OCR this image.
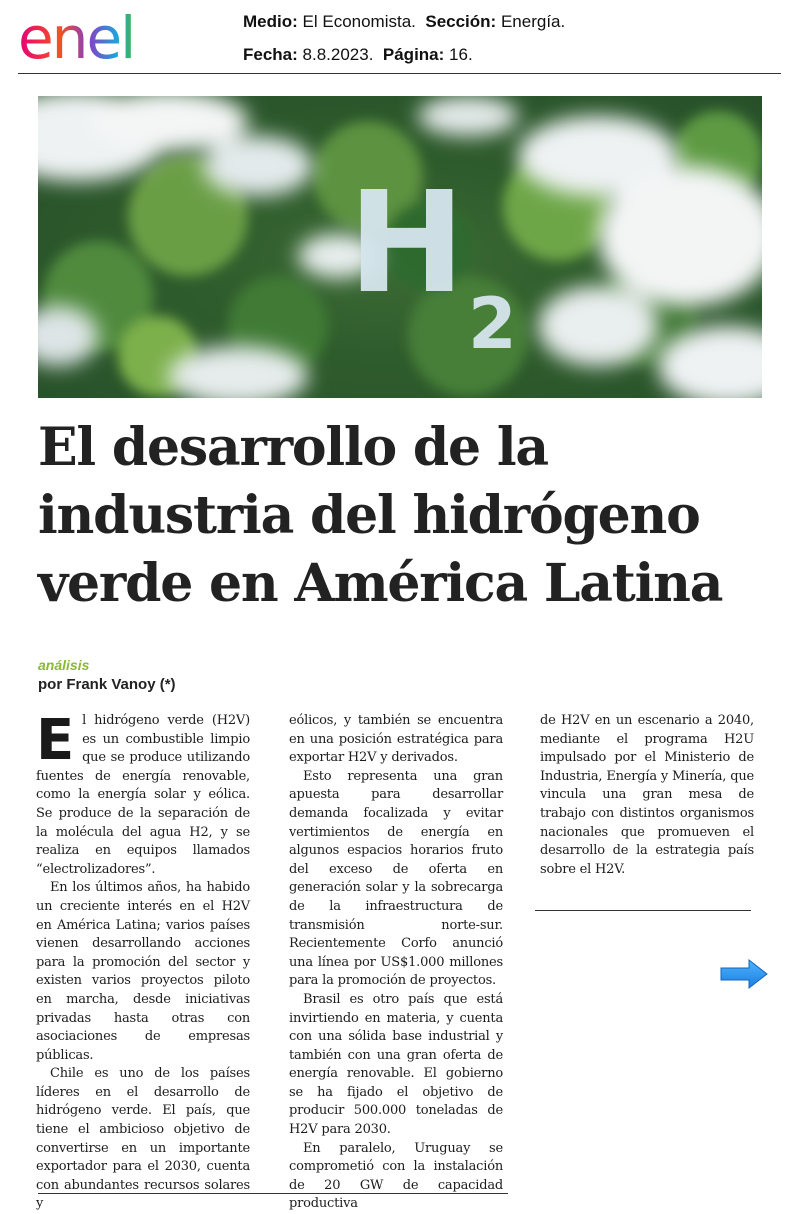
enel	Medio: El Economista. Sección: Energía.
Fecha: 8.8.2023. Página: 16.
H 2
El desarrollo de la
industria del hidrógeno
verde en América Latina

análisis

por Frank Vanoy (*)

El hidrógeno verde (H2V) es un combustible limpio que se produce utilizando fuentes de energía renovable, como la energía solar y eólica. Se produce de la separación de la molécula del agua H2, y se realiza en equipos llamados “electrolizadores”.

En los últimos años, ha habido un creciente interés en el H2V en América Latina; varios países vienen desarrollando acciones para la promoción del sector y existen varios proyectos piloto en marcha, desde iniciativas privadas hasta otras con asociaciones de empresas públicas.

Chile es uno de los países líderes en el desarrollo de hidrógeno verde. El país, que tiene el ambicioso objetivo de convertirse en un importante exportador para el 2030, cuenta con abundantes recursos solares y

eólicos, y también se encuentra en una posición estratégica para exportar H2V y derivados.

Esto representa una gran apuesta para desarrollar demanda focalizada y evitar vertimientos de energía en algunos espacios horarios fruto del exceso de oferta en generación solar y la sobrecarga de la infraestructura de transmisión norte-sur. Recientemente Corfo anunció una línea por US$1.000 millones para la promoción de proyectos.

Brasil es otro país que está invirtiendo en materia, y cuenta con una sólida base industrial y también con una gran oferta de energía renovable. El gobierno se ha fijado el objetivo de producir 500.000 toneladas de H2V para 2030.

En paralelo, Uruguay se comprometió con la instalación de 20 GW de capacidad productiva

de H2V en un escenario a 2040, mediante el programa H2U impulsado por el Ministerio de Industria, Energía y Minería, que vincula una gran mesa de trabajo con distintos organismos nacionales que promueven el desarrollo de la estrategia país sobre el H2V.
